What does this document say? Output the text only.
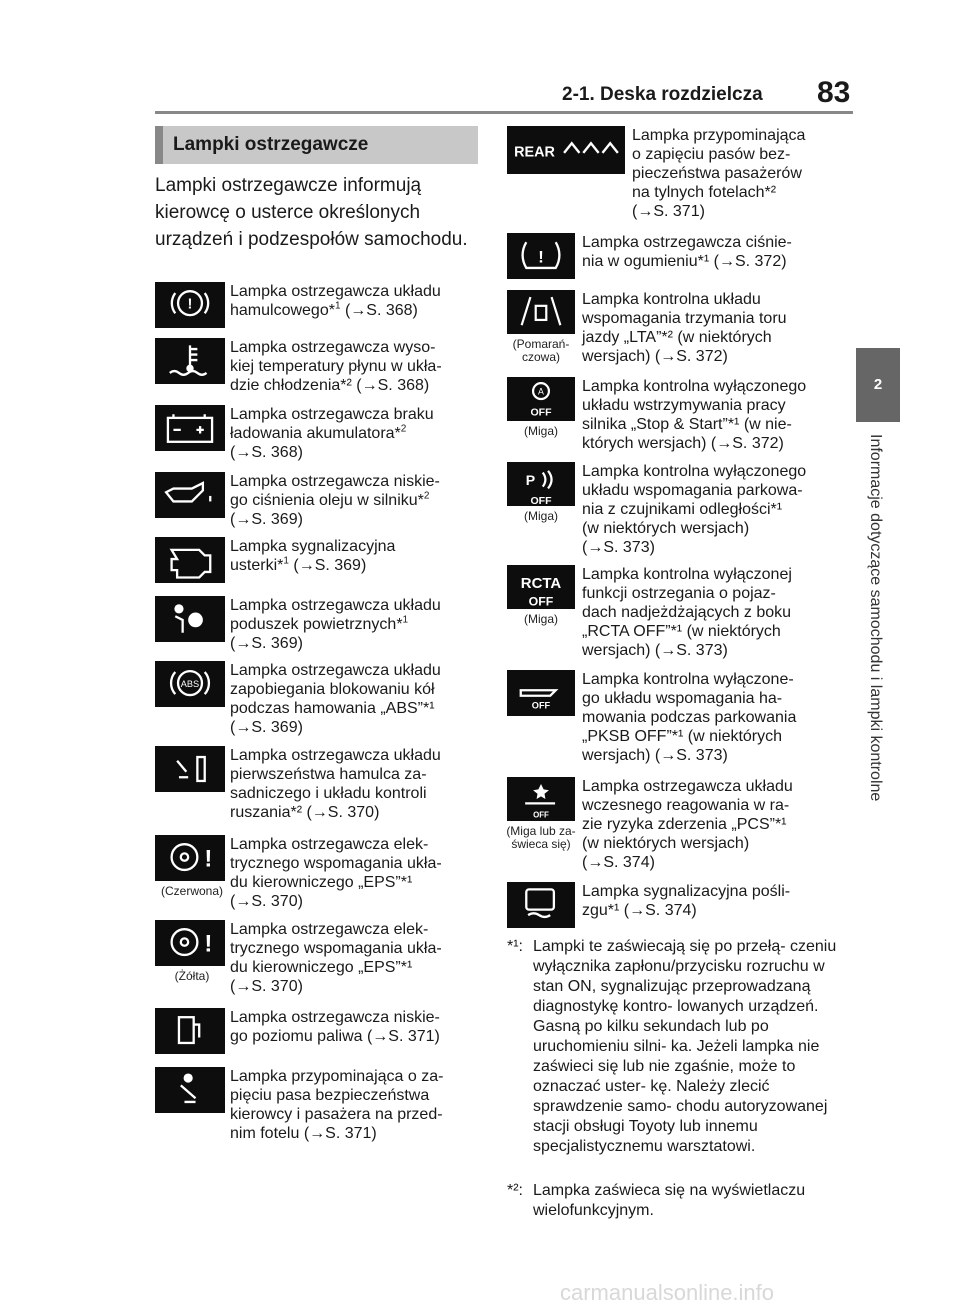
2-1. Deska rozdzielcza 83
2
Informacje dotyczące samochodu i lampki kontrolne
Lampki ostrzegawcze
Lampki ostrzegawcze informują kierowcę o usterce określonych urządzeń i podzespołów samochodu.
!
Lampka ostrzegawcza układu
hamulcowego*$^1$ (→S. 368)
Lampka ostrzegawcza wyso-
kiej temperatury płynu w ukła-
dzie chłodzenia*² (→S. 368)
Lampka ostrzegawcza braku
ładowania akumulatora*$^2$
(→S. 368)
Lampka ostrzegawcza niskie-
go ciśnienia oleju w silniku*$^2$
(→S. 369)
Lampka sygnalizacyjna
usterki*$^1$ (→S. 369)
Lampka ostrzegawcza układu
poduszek powietrznych*$^1$
(→S. 369)
ABS
Lampka ostrzegawcza układu
zapobiegania blokowaniu kół
podczas hamowania „ABS”*¹
(→S. 369)
Lampka ostrzegawcza układu
pierwszeństwa hamulca za-
sadniczego i układu kontroli
ruszania*² (→S. 370)
!
(Czerwona)
Lampka ostrzegawcza elek-
trycznego wspomagania ukła-
du kierowniczego „EPS”*¹
(→S. 370)
!
(Żółta)
Lampka ostrzegawcza elek-
trycznego wspomagania ukła-
du kierowniczego „EPS”*¹
(→S. 370)
Lampka ostrzegawcza niskie-
go poziomu paliwa (→S. 371)
Lampka przypominająca o za-
pięciu pasa bezpieczeństwa
kierowcy i pasażera na przed-
nim fotelu (→S. 371)
REAR
Lampka przypominająca
o zapięciu pasów bez-
pieczeństwa pasażerów
na tylnych fotelach*²
(→S. 371)
!
Lampka ostrzegawcza ciśnie-
nia w ogumieniu*¹ (→S. 372)
(Pomarań-czowa)
Lampka kontrolna układu
wspomagania trzymania toru
jazdy „LTA”*² (w niektórych
wersjach) (→S. 372)
A
OFF
(Miga)
Lampka kontrolna wyłączonego
układu wstrzymywania pracy
silnika „Stop & Start”*¹ (w nie-
których wersjach) (→S. 372)
P
OFF
(Miga)
Lampka kontrolna wyłączonego
układu wspomagania parkowa-
nia z czujnikami odległości*¹
(w niektórych wersjach)
(→S. 373)
RCTA
OFF
(Miga)
Lampka kontrolna wyłączonej
funkcji ostrzegania o pojaz-
dach nadjeżdżających z boku
„RCTA OFF”*¹ (w niektórych
wersjach) (→S. 373)
OFF
Lampka kontrolna wyłączone-
go układu wspomagania ha-
mowania podczas parkowania
„PKSB OFF”*¹ (w niektórych
wersjach) (→S. 373)
OFF
(Miga lub za-świeca się)
Lampka ostrzegawcza układu
wczesnego reagowania w ra-
zie ryzyka zderzenia „PCS”*¹
(w niektórych wersjach)
(→S. 374)
Lampka sygnalizacyjna pośli-
zgu*¹ (→S. 374)
*¹: Lampki te zaświecają się po przełą- czeniu wyłącznika zapłonu/przycisku rozruchu w stan ON, sygnalizując przeprowadzaną diagnostykę kontro- lowanych urządzeń. Gasną po kilku sekundach lub po uruchomieniu silni- ka. Jeżeli lampka nie zaświeci się lub nie zgaśnie, może to oznaczać uster- kę. Należy zlecić sprawdzenie samo- chodu autoryzowanej stacji obsługi Toyoty lub innemu specjalistycznemu warsztatowi.
*²: Lampka zaświeca się na wyświetlaczu wielofunkcyjnym.
carmanualsonline.info
